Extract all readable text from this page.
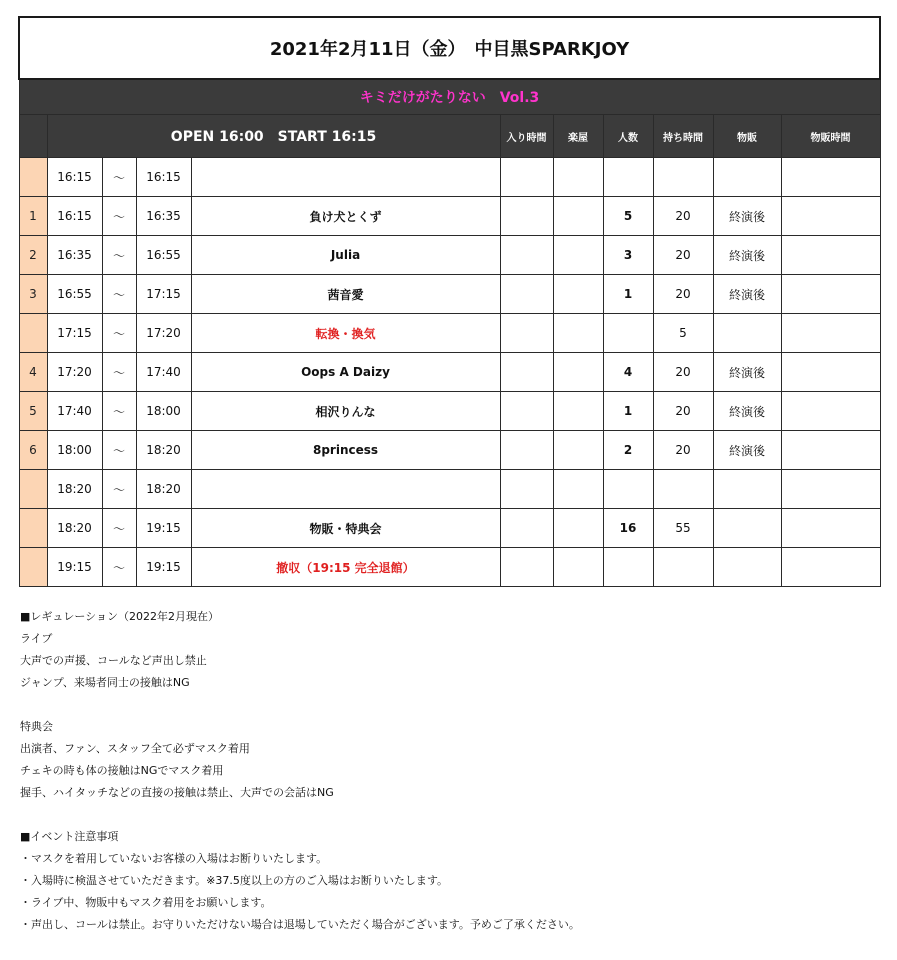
2021年2月11日（金）　中目黒SPARKJOY										
キミだけがたりない　Vol.3										
	OPEN 16:00　START 16:15				入り時間	楽屋	人数	持ち時間	物販	物販時間
	16:15	～	16:15							
1	16:15	～	16:35	負け犬とくず			5	20	終演後	
2	16:35	～	16:55	Julia			3	20	終演後	
3	16:55	～	17:15	茜音愛			1	20	終演後	
	17:15	～	17:20	転換・換気				5		
4	17:20	～	17:40	Oops A Daizy			4	20	終演後	
5	17:40	～	18:00	相沢りんな			1	20	終演後	
6	18:00	～	18:20	8princess			2	20	終演後	
	18:20	～	18:20							
	18:20	～	19:15	物販・特典会			16	55		
	19:15	～	19:15	撤収（19:15 完全退館）						
■レギュレーション（2022年2月現在）
ライブ
大声での声援、コールなど声出し禁止
ジャンプ、来場者同士の接触はNG
特典会
出演者、ファン、スタッフ全て必ずマスク着用
チェキの時も体の接触はNGでマスク着用
握手、ハイタッチなどの直接の接触は禁止、大声での会話はNG
■イベント注意事項
・マスクを着用していないお客様の入場はお断りいたします。
・入場時に検温させていただきます。※37.5度以上の方のご入場はお断りいたします。
・ライブ中、物販中もマスク着用をお願いします。
・声出し、コールは禁止。お守りいただけない場合は退場していただく場合がございます。予めご了承ください。
